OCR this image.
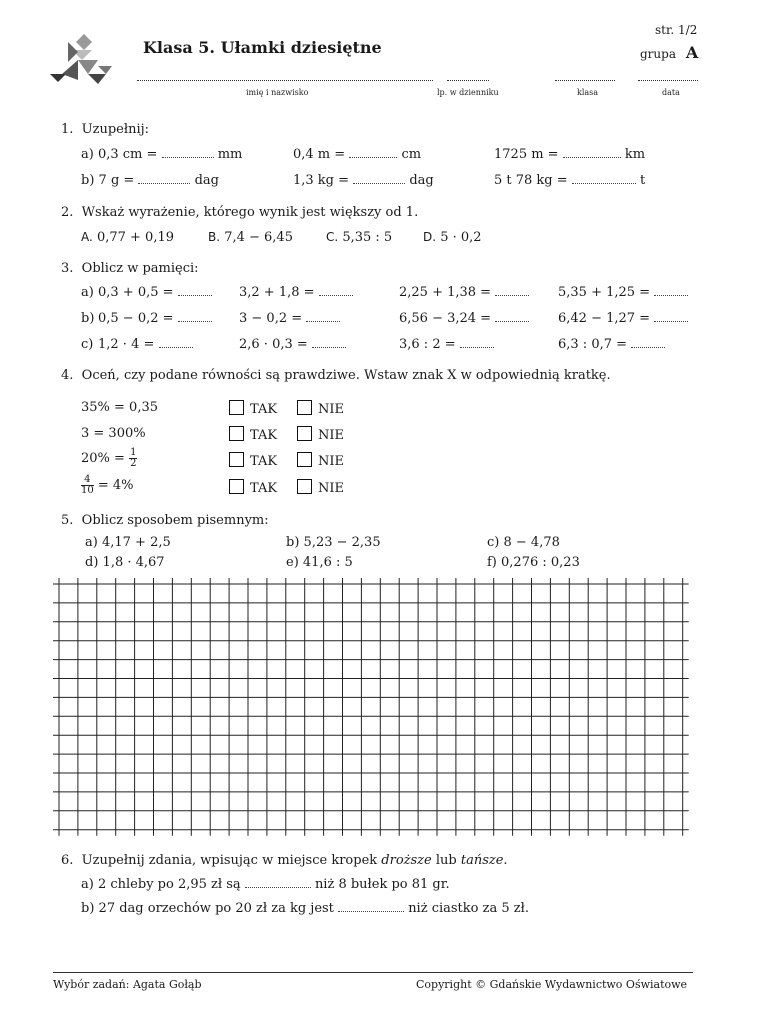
Klasa 5. Ułamki dziesiętne
str. 1/2
grupa A
imię i nazwisko	lp. w dzienniku	klasa	data
1. Uzupełnij:
a) 0,3 cm =	mm	0,4 m =	cm	1725 m =	km
b) 7 g =	dag	1,3 kg =	dag	5 t 78 kg =	t
2. Wskaż wyrażenie, którego wynik jest większy od 1.
A. 0,77 + 0,19	B. 7,4 − 6,45	C. 5,35 : 5	D. 5 · 0,2
3. Oblicz w pamięci:
a)
b)
c)
0,3 + 0,5 =	3,2 + 1,8 =	2,25 + 1,38 =	5,35 + 1,25 =
0,5 − 0,2 =	3 − 0,2 =	6,56 − 3,24 =	6,42 − 1,27 =
1,2 · 4 =	2,6 · 0,3 =	3,6 : 2 =	6,3 : 0,7 =
4. Oceń, czy podane równości są prawdziwe. Wstaw znak X w odpowiednią kratkę.
35% = 0,35
3 = 300%
$20\% = \frac{1}{2}$
$\frac{4}{10} = 4\%$
TAK	NIE
TAK	NIE
TAK	NIE
TAK	NIE
5. Oblicz sposobem pisemnym:
a) 4,17 + 2,5	b) 5,23 − 2,35	c) 8 − 4,78
d) 1,8 · 4,67	e) 41,6 : 5	f) 0,276 : 0,23
6. Uzupełnij zdania, wpisując w miejsce kropek droższe lub tańsze.
a) 2 chleby po 2,95 zł są	niż 8 bułek po 81 gr.
b) 27 dag orzechów po 20 zł za kg jest	niż ciastko za 5 zł.
Wybór zadań: Agata Gołąb	Copyright © Gdańskie Wydawnictwo Oświatowe
